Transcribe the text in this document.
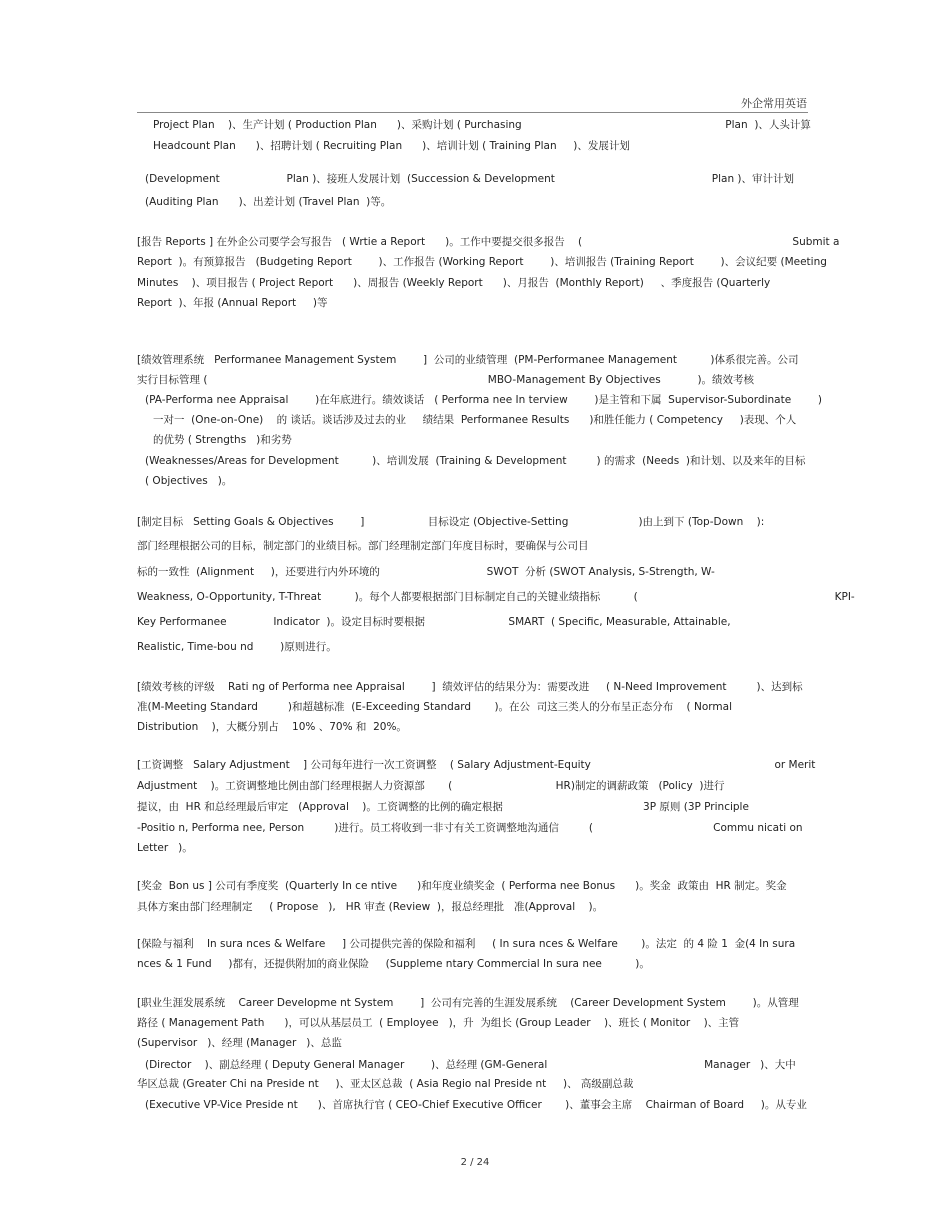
外企常用英语
Project Plan    )、生产计划 ( Production Plan      )、采购计划 ( Purchasing                                                             Plan  )、人头计算
Headcount Plan      )、招聘计划 ( Recruiting Plan      )、培训计划 ( Training Plan     )、发展计划
(Development                    Plan )、接班人发展计划  (Succession & Development                                               Plan )、审计计划
(Auditing Plan      )、出差计划 (Travel Plan  )等。
[报告 Reports ] 在外企公司要学会写报告   ( Wrtie a Report      )。工作中要提交很多报告    (                                                               Submit a
Report  )。有预算报告   (Budgeting Report        )、工作报告 (Working Report        )、培训报告 (Training Report        )、会议纪要 (Meeting
Minutes    )、项目报告 ( Project Report      )、周报告 (Weekly Report      )、月报告  (Monthly Report)     、季度报告 (Quarterly
Report  )、年报 (Annual Report     )等
[绩效管理系统   Performanee Management System        ]  公司的业绩管理  (PM-Performanee Management          )体系很完善。公司
实行目标管理 (                                                                                    MBO-Management By Objectives           )。绩效考核
(PA-Performa nee Appraisal        )在年底进行。绩效谈话   ( Performa nee In terview        )是主管和下属  Supervisor-Subordinate        )
一对一  (One-on-One)    的 谈话。谈话涉及过去的业     绩结果  Performanee Results      )和胜任能力 ( Competency     )表现、个人
的优势 ( Strengths   )和劣势
(Weaknesses/Areas for Development          )、培训发展  (Training & Development         ) 的需求  (Needs  )和计划、以及来年的目标
( Objectives   )。
[制定目标   Setting Goals & Objectives        ]                   目标设定 (Objective-Setting                     )由上到下 (Top-Down    ):
部门经理根据公司的目标，制定部门的业绩目标。部门经理制定部门年度目标时，要确保与公司目
标的一致性  (Alignment     )，还要进行内外环境的                                SWOT  分析 (SWOT Analysis, S-Strength, W-
Weakness, O-Opportunity, T-Threat          )。每个人都要根据部门目标制定自己的关键业绩指标          (                                                           KPI-
Key Performanee              Indicator  )。设定目标时要根据                         SMART  ( Specific, Measurable, Attainable,
Realistic, Time-bou nd        )原则进行。
[绩效考核的评级    Rati ng of Performa nee Appraisal        ]  绩效评估的结果分为：需要改进     ( N-Need Improvement         )、达到标
准(M-Meeting Standard         )和超越标准  (E-Exceeding Standard       )。在公  司这三类人的分布呈正态分布    ( Normal
Distribution    )，大概分别占    10% 、70% 和  20%。
[工资调整   Salary Adjustment    ] 公司每年进行一次工资调整    ( Salary Adjustment-Equity                                                       or Merit
Adjustment    )。工资调整地比例由部门经理根据人力资源部       (                               HR)制定的调薪政策   (Policy  )进行
提议，由  HR 和总经理最后审定   (Approval    )。工资调整的比例的确定根据                                          3P 原则 (3P Principle
-Positio n, Performa nee, Person         )进行。员工将收到一非寸有关工资调整地沟通信         (                                    Commu nicati on
Letter   )。
[奖金  Bon us ] 公司有季度奖  (Quarterly In ce ntive      )和年度业绩奖金  ( Performa nee Bonus      )。奖金  政策由  HR 制定。奖金
具体方案由部门经理制定     ( Propose   ),   HR 审查 (Review  )，报总经理批   准(Approval    )。
[保险与福利    In sura nces & Welfare     ] 公司提供完善的保险和福利     ( In sura nces & Welfare       )。法定  的 4 险 1  金(4 In sura
nces & 1 Fund     )都有，还提供附加的商业保险     (Suppleme ntary Commercial In sura nee          )。
[职业生涯发展系统    Career Developme nt System        ]  公司有完善的生涯发展系统    (Career Development System        )。从管理
路径 ( Management Path      )，可以从基层员工  ( Employee   )，升  为组长 (Group Leader    )、班长 ( Monitor    )、主管
(Supervisor   )、经理 (Manager   )、总监
(Director    )、副总经理 ( Deputy General Manager        )、总经理 (GM-General                                               Manager   )、大中
华区总裁 (Greater Chi na Preside nt     )、亚太区总裁  ( Asia Regio nal Preside nt     )、 高级副总裁
(Executive VP-Vice Preside nt      )、首席执行官 ( CEO-Chief Executive Officer       )、董事会主席    Chairman of Board     )。从专业
2 / 24
